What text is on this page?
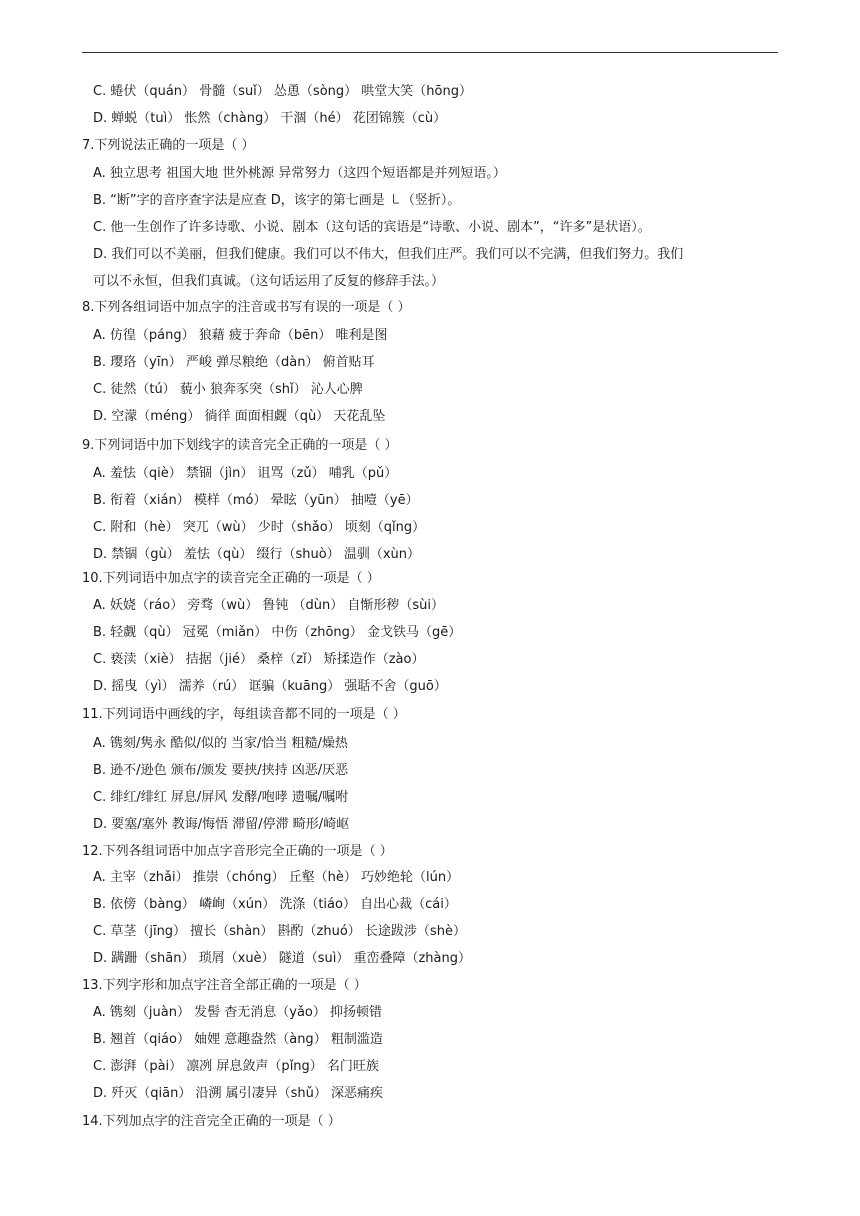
C. 蜷伏（quán） 骨髓（suǐ） 怂恿（sòng） 哄堂大笑（hōng）
D. 蝉蜕（tuì） 怅然（chàng） 干涸（hé） 花团锦簇（cù）
7.下列说法正确的一项是（ ）
A. 独立思考 祖国大地 世外桃源 异常努力（这四个短语都是并列短语。）
B. “断”字的音序查字法是应查 D，该字的第七画是 ㇄（竖折）。
C. 他一生创作了许多诗歌、小说、剧本（这句话的宾语是“诗歌、小说、剧本”，“许多”是状语）。
D. 我们可以不美丽，但我们健康。我们可以不伟大，但我们庄严。我们可以不完满，但我们努力。我们
可以不永恒，但我们真诚。（这句话运用了反复的修辞手法。）
8.下列各组词语中加点字的注音或书写有误的一项是（ ）
A. 仿徨（páng） 狼藉 疲于奔命（bēn） 唯利是图
B. 璎珞（yīn） 严峻 弹尽粮绝（dàn） 俯首贴耳
C. 徒然（tú） 藐小 狼奔豕突（shǐ） 沁人心脾
D. 空濛（méng） 徜徉 面面相觑（qù） 天花乱坠
9.下列词语中加下划线字的读音完全正确的一项是（ ）
A. 羞怯（qiè） 禁锢（jìn） 诅骂（zǔ） 哺乳（pǔ）
B. 衔着（xián） 模样（mó） 晕眩（yūn） 抽噎（yē）
C. 附和（hè） 突兀（wù） 少时（shǎo） 顷刻（qǐng）
D. 禁锢（gù） 羞怯（qù） 缀行（shuò） 温驯（xùn）
10.下列词语中加点字的读音完全正确的一项是（ ）
A. 妖娆（ráo） 旁骛（wù） 鲁钝 （dùn） 自惭形秽（sùi）
B. 轻觑（qù） 冠冕（miǎn） 中伤（zhōng） 金戈铁马（gē）
C. 亵渎（xiè） 拮据（jié） 桑梓（zǐ） 矫揉造作（zào）
D. 摇曳（yì） 濡养（rú） 诓骗（kuāng） 强聒不舍（guō）
11.下列词语中画线的字，每组读音都不同的一项是（ ）
A. 镌刻/隽永 酷似/似的 当家/恰当 粗糙/燥热
B. 逊不/逊色 颁布/颁发 要挟/挟持 凶恶/厌恶
C. 绯红/绯红 屏息/屏风 发酵/咆哮 遗嘱/嘱咐
D. 要塞/塞外 教诲/悔悟 滞留/停滞 畸形/崎岖
12.下列各组词语中加点字音形完全正确的一项是（ ）
A. 主宰（zhǎi） 推崇（chóng） 丘壑（hè） 巧妙绝轮（lún）
B. 依傍（bàng） 嶙峋（xún） 洗涤（tiáo） 自出心裁（cái）
C. 草茎（jīng） 擅长（shàn） 斟酌（zhuó） 长途跋涉（shè）
D. 蹒跚（shān） 琐屑（xuè） 隧道（suì） 重峦叠障（zhàng）
13.下列字形和加点字注音全部正确的一项是（ ）
A. 镌刻（juàn） 发髻 杳无消息（yǎo） 抑扬顿错
B. 翘首（qiáo） 妯娌 意趣盎然（àng） 粗制滥造
C. 澎湃（pài） 凛冽 屏息敛声（pǐng） 名门旺族
D. 歼灭（qiān） 沿溯 属引凄异（shǔ） 深恶痛疾
14.下列加点字的注音完全正确的一项是（ ）
